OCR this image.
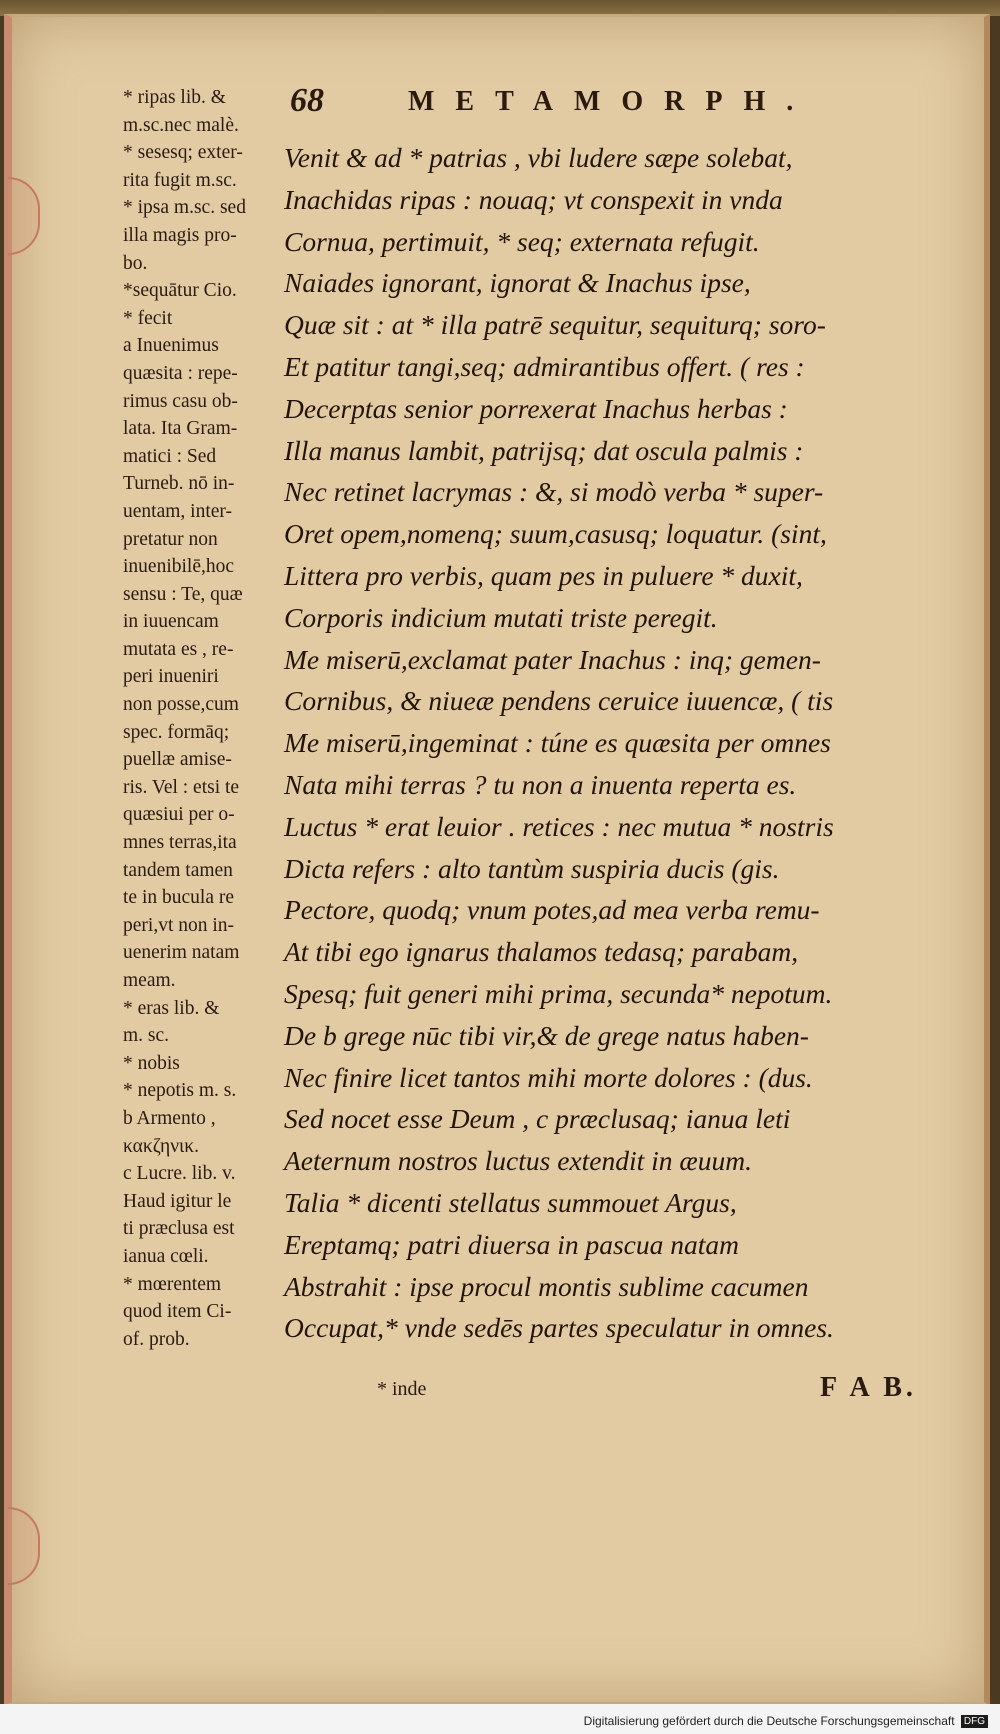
68	METAMORPH.
* ripas lib. &
m.sc.nec malè.
* sesesq; exter-
rita fugit m.sc.
* ipsa m.sc. sed
illa magis pro-
bo.
*sequātur Cio.
* fecit
a Inuenimus
quæsita : repe-
rimus casu ob-
lata. Ita Gram-
matici : Sed
Turneb. nō in-
uentam, inter-
pretatur non
inuenibilē,hoc
sensu : Te, quæ
in iuuencam
mutata es , re-
peri inueniri
non posse,cum
spec. formāq;
puellæ amise-
ris. Vel : etsi te
quæsiui per o-
mnes terras,ita
tandem tamen
te in bucula re
peri,vt non in-
uenerim natam
meam.
* eras lib. &
m. sc.
* nobis
* nepotis m. s.
b Armento ,
κακζηνικ.
c Lucre. lib. v.
Haud igitur le
ti præclusa est
ianua cœli.
* mœrentem
quod item Ci-
of. prob.
Venit & ad * patrias , vbi ludere sæpe solebat,
Inachidas ripas : nouaq; vt conspexit in vnda
Cornua, pertimuit, * seq; externata refugit.
Naiades ignorant, ignorat & Inachus ipse,
Quæ sit : at * illa patrē sequitur, sequiturq; soro-
Et patitur tangi,seq; admirantibus offert. ( res :
Decerptas senior porrexerat Inachus herbas :
Illa manus lambit, patrijsq; dat oscula palmis :
Nec retinet lacrymas : &, si modò verba * super-
Oret opem,nomenq; suum,casusq; loquatur. (sint,
Littera pro verbis, quam pes in puluere * duxit,
Corporis indicium mutati triste peregit.
Me miserū,exclamat pater Inachus : inq; gemen-
Cornibus, & niueæ pendens ceruice iuuencæ, ( tis
Me miserū,ingeminat : túne es quæsita per omnes
Nata mihi terras ? tu non a inuenta reperta es.
Luctus * erat leuior . retices : nec mutua * nostris
Dicta refers : alto tantùm suspiria ducis (gis.
Pectore, quodq; vnum potes,ad mea verba remu-
At tibi ego ignarus thalamos tedasq; parabam,
Spesq; fuit generi mihi prima, secunda* nepotum.
De b grege nūc tibi vir,& de grege natus haben-
Nec finire licet tantos mihi morte dolores : (dus.
Sed nocet esse Deum , c præclusaq; ianua leti
Aeternum nostros luctus extendit in æuum.
Talia * dicenti stellatus summouet Argus,
Ereptamq; patri diuersa in pascua natam
Abstrahit : ipse procul montis sublime cacumen
Occupat,* vnde sedēs partes speculatur in omnes.
* inde	F A B.
Digitalisierung gefördert durch die Deutsche Forschungsgemeinschaft DFG
